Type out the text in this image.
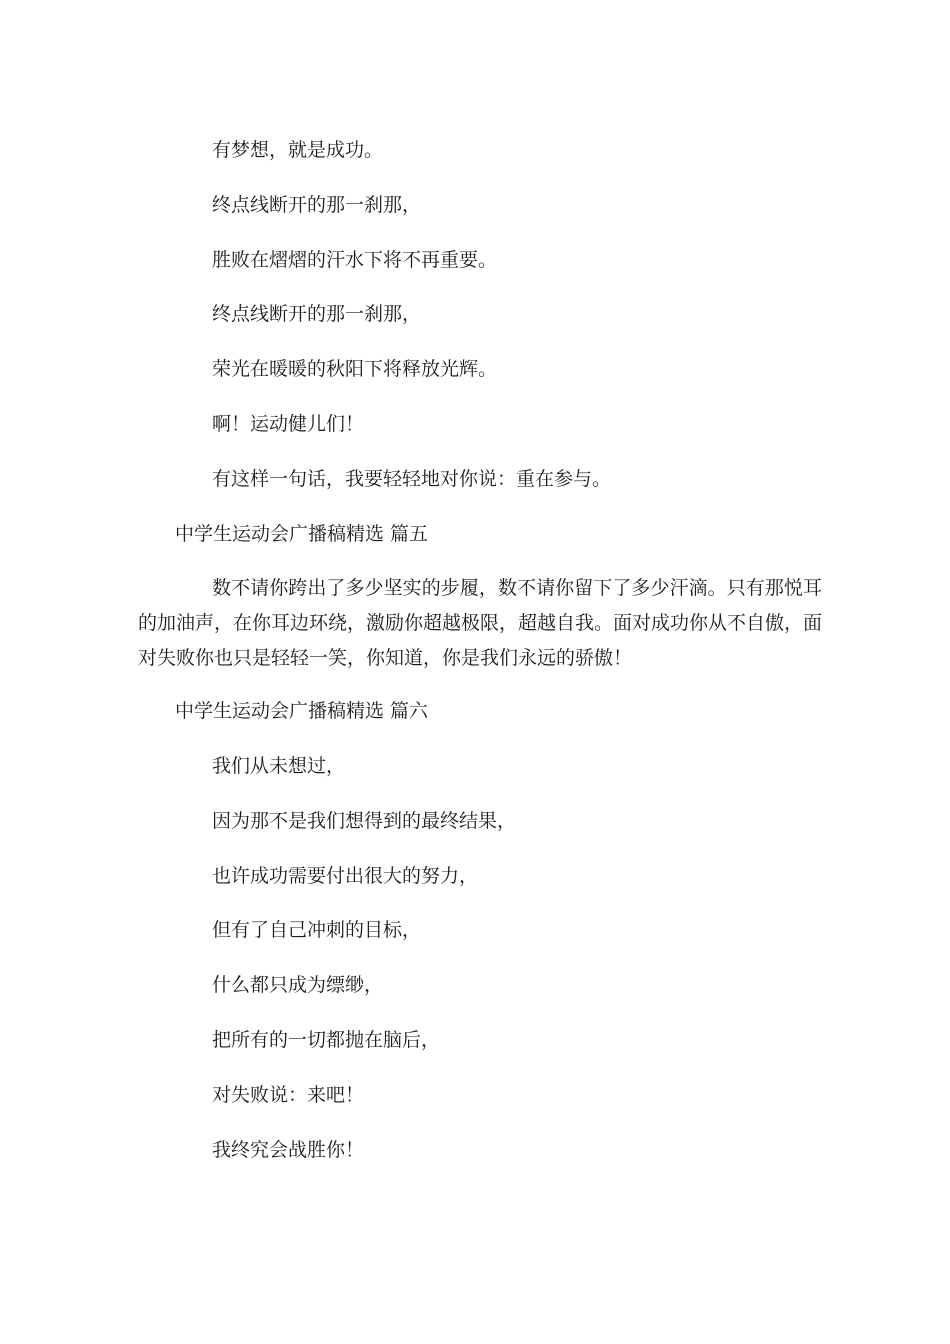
有梦想，就是成功。
终点线断开的那一刹那，
胜败在熠熠的汗水下将不再重要。
终点线断开的那一刹那，
荣光在暖暖的秋阳下将释放光辉。
啊！运动健儿们！
有这样一句话，我要轻轻地对你说：重在参与。
中学生运动会广播稿精选 篇五
数不请你跨出了多少坚实的步履，数不请你留下了多少汗滴。只有那悦耳的加油声，在你耳边环绕，激励你超越极限，超越自我。面对成功你从不自傲，面对失败你也只是轻轻一笑，你知道，你是我们永远的骄傲！
中学生运动会广播稿精选 篇六
我们从未想过，
因为那不是我们想得到的最终结果，
也许成功需要付出很大的努力，
但有了自己冲刺的目标，
什么都只成为缥缈，
把所有的一切都抛在脑后，
对失败说：来吧！
我终究会战胜你！
